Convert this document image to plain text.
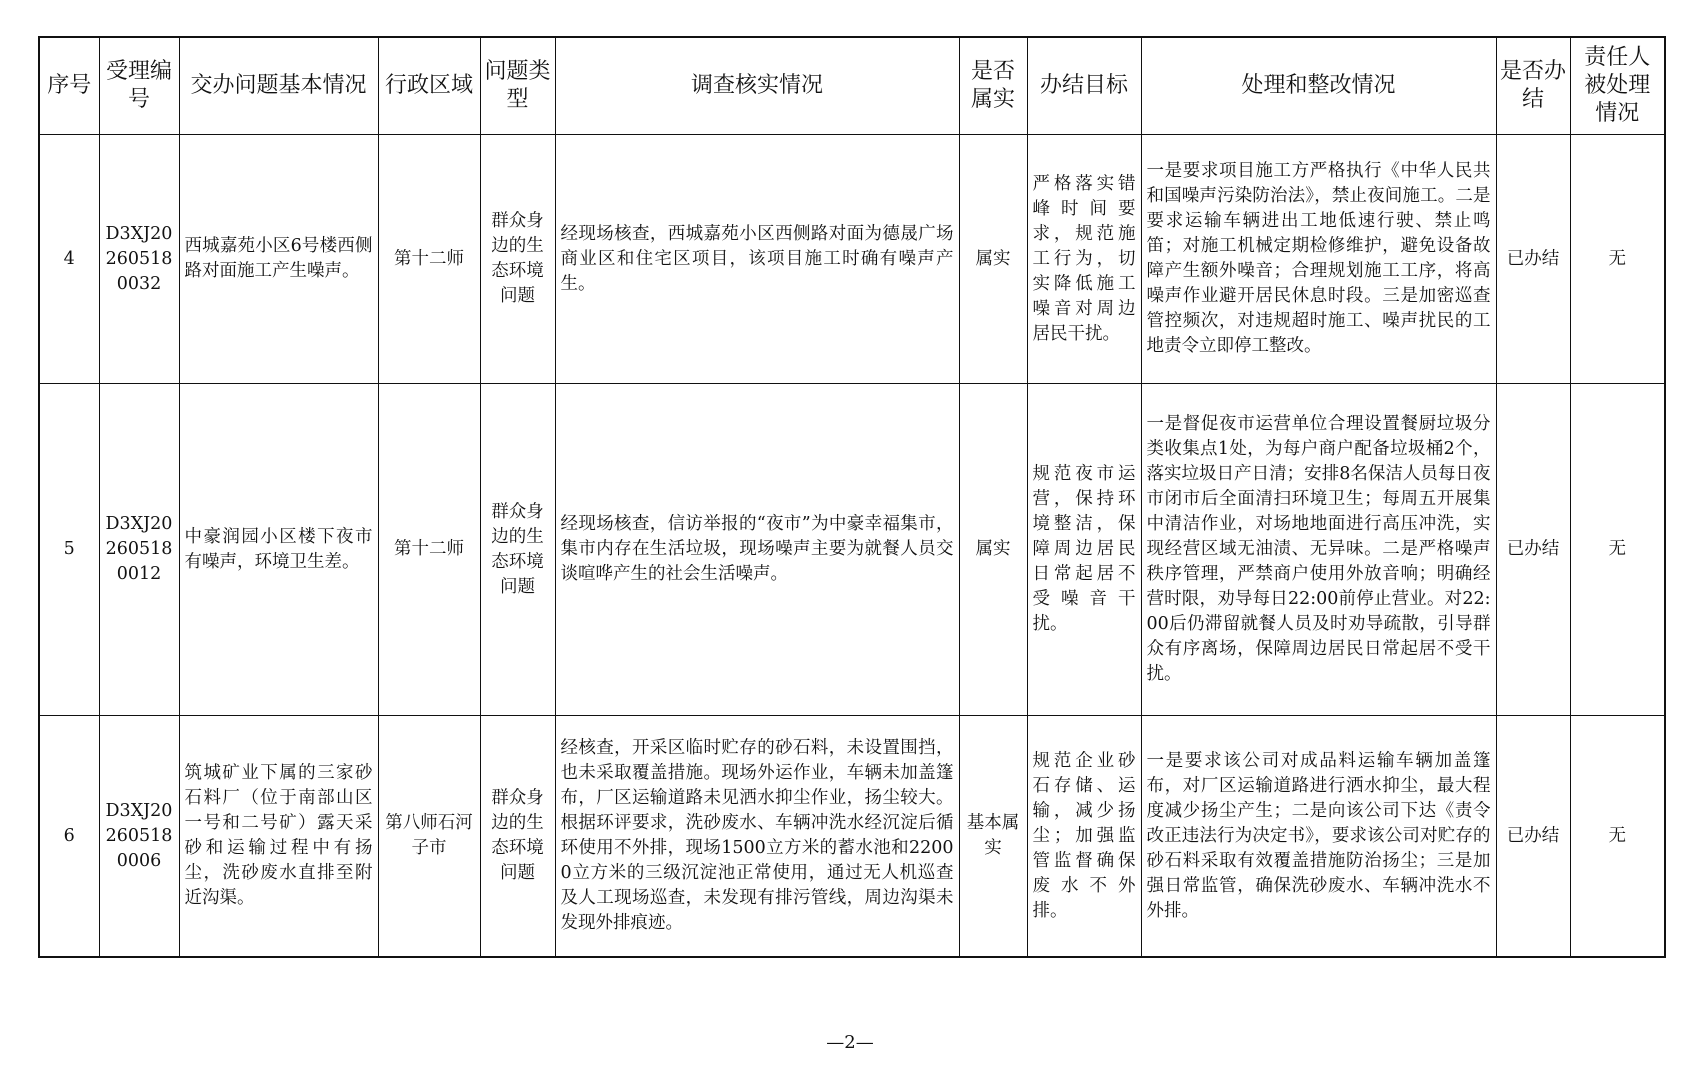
序号	受理编号	交办问题基本情况	行政区域	问题类型	调查核实情况	是否属实	办结目标	处理和整改情况	是否办结	责任人被处理情况
4	D3XJ202605180032	西城嘉苑小区6号楼西侧路对面施工产生噪声。	第十二师	群众身边的生态环境问题	经现场核查，西城嘉苑小区西侧路对面为德晟广场商业区和住宅区项目，该项目施工时确有噪声产生。	属实	严格落实错峰时间要求，规范施工行为，切实降低施工噪音对周边居民干扰。	一是要求项目施工方严格执行《中华人民共和国噪声污染防治法》，禁止夜间施工。二是要求运输车辆进出工地低速行驶、禁止鸣笛；对施工机械定期检修维护，避免设备故障产生额外噪音；合理规划施工工序，将高噪声作业避开居民休息时段。三是加密巡查管控频次，对违规超时施工、噪声扰民的工地责令立即停工整改。	已办结	无
5	D3XJ202605180012	中豪润园小区楼下夜市有噪声，环境卫生差。	第十二师	群众身边的生态环境问题	经现场核查，信访举报的“夜市”为中豪幸福集市，集市内存在生活垃圾，现场噪声主要为就餐人员交谈喧哗产生的社会生活噪声。	属实	规范夜市运营，保持环境整洁，保障周边居民日常起居不受噪音干扰。	一是督促夜市运营单位合理设置餐厨垃圾分类收集点1处，为每户商户配备垃圾桶2个，落实垃圾日产日清；安排8名保洁人员每日夜市闭市后全面清扫环境卫生；每周五开展集中清洁作业，对场地地面进行高压冲洗，实现经营区域无油渍、无异味。二是严格噪声秩序管理，严禁商户使用外放音响；明确经营时限，劝导每日22:00前停止营业。对22:00后仍滞留就餐人员及时劝导疏散，引导群众有序离场，保障周边居民日常起居不受干扰。	已办结	无
6	D3XJ202605180006	筑城矿业下属的三家砂石料厂（位于南部山区一号和二号矿）露天采砂和运输过程中有扬尘，洗砂废水直排至附近沟渠。	第八师石河子市	群众身边的生态环境问题	经核查，开采区临时贮存的砂石料，未设置围挡，也未采取覆盖措施。现场外运作业，车辆未加盖篷布，厂区运输道路未见洒水抑尘作业，扬尘较大。根据环评要求，洗砂废水、车辆冲洗水经沉淀后循环使用不外排，现场1500立方米的蓄水池和22000立方米的三级沉淀池正常使用，通过无人机巡查及人工现场巡查，未发现有排污管线，周边沟渠未发现外排痕迹。	基本属实	规范企业砂石存储、运输，减少扬尘；加强监管监督确保废水不外排。	一是要求该公司对成品料运输车辆加盖篷布，对厂区运输道路进行洒水抑尘，最大程度减少扬尘产生；二是向该公司下达《责令改正违法行为决定书》，要求该公司对贮存的砂石料采取有效覆盖措施防治扬尘；三是加强日常监管，确保洗砂废水、车辆冲洗水不外排。	已办结	无
—2—
